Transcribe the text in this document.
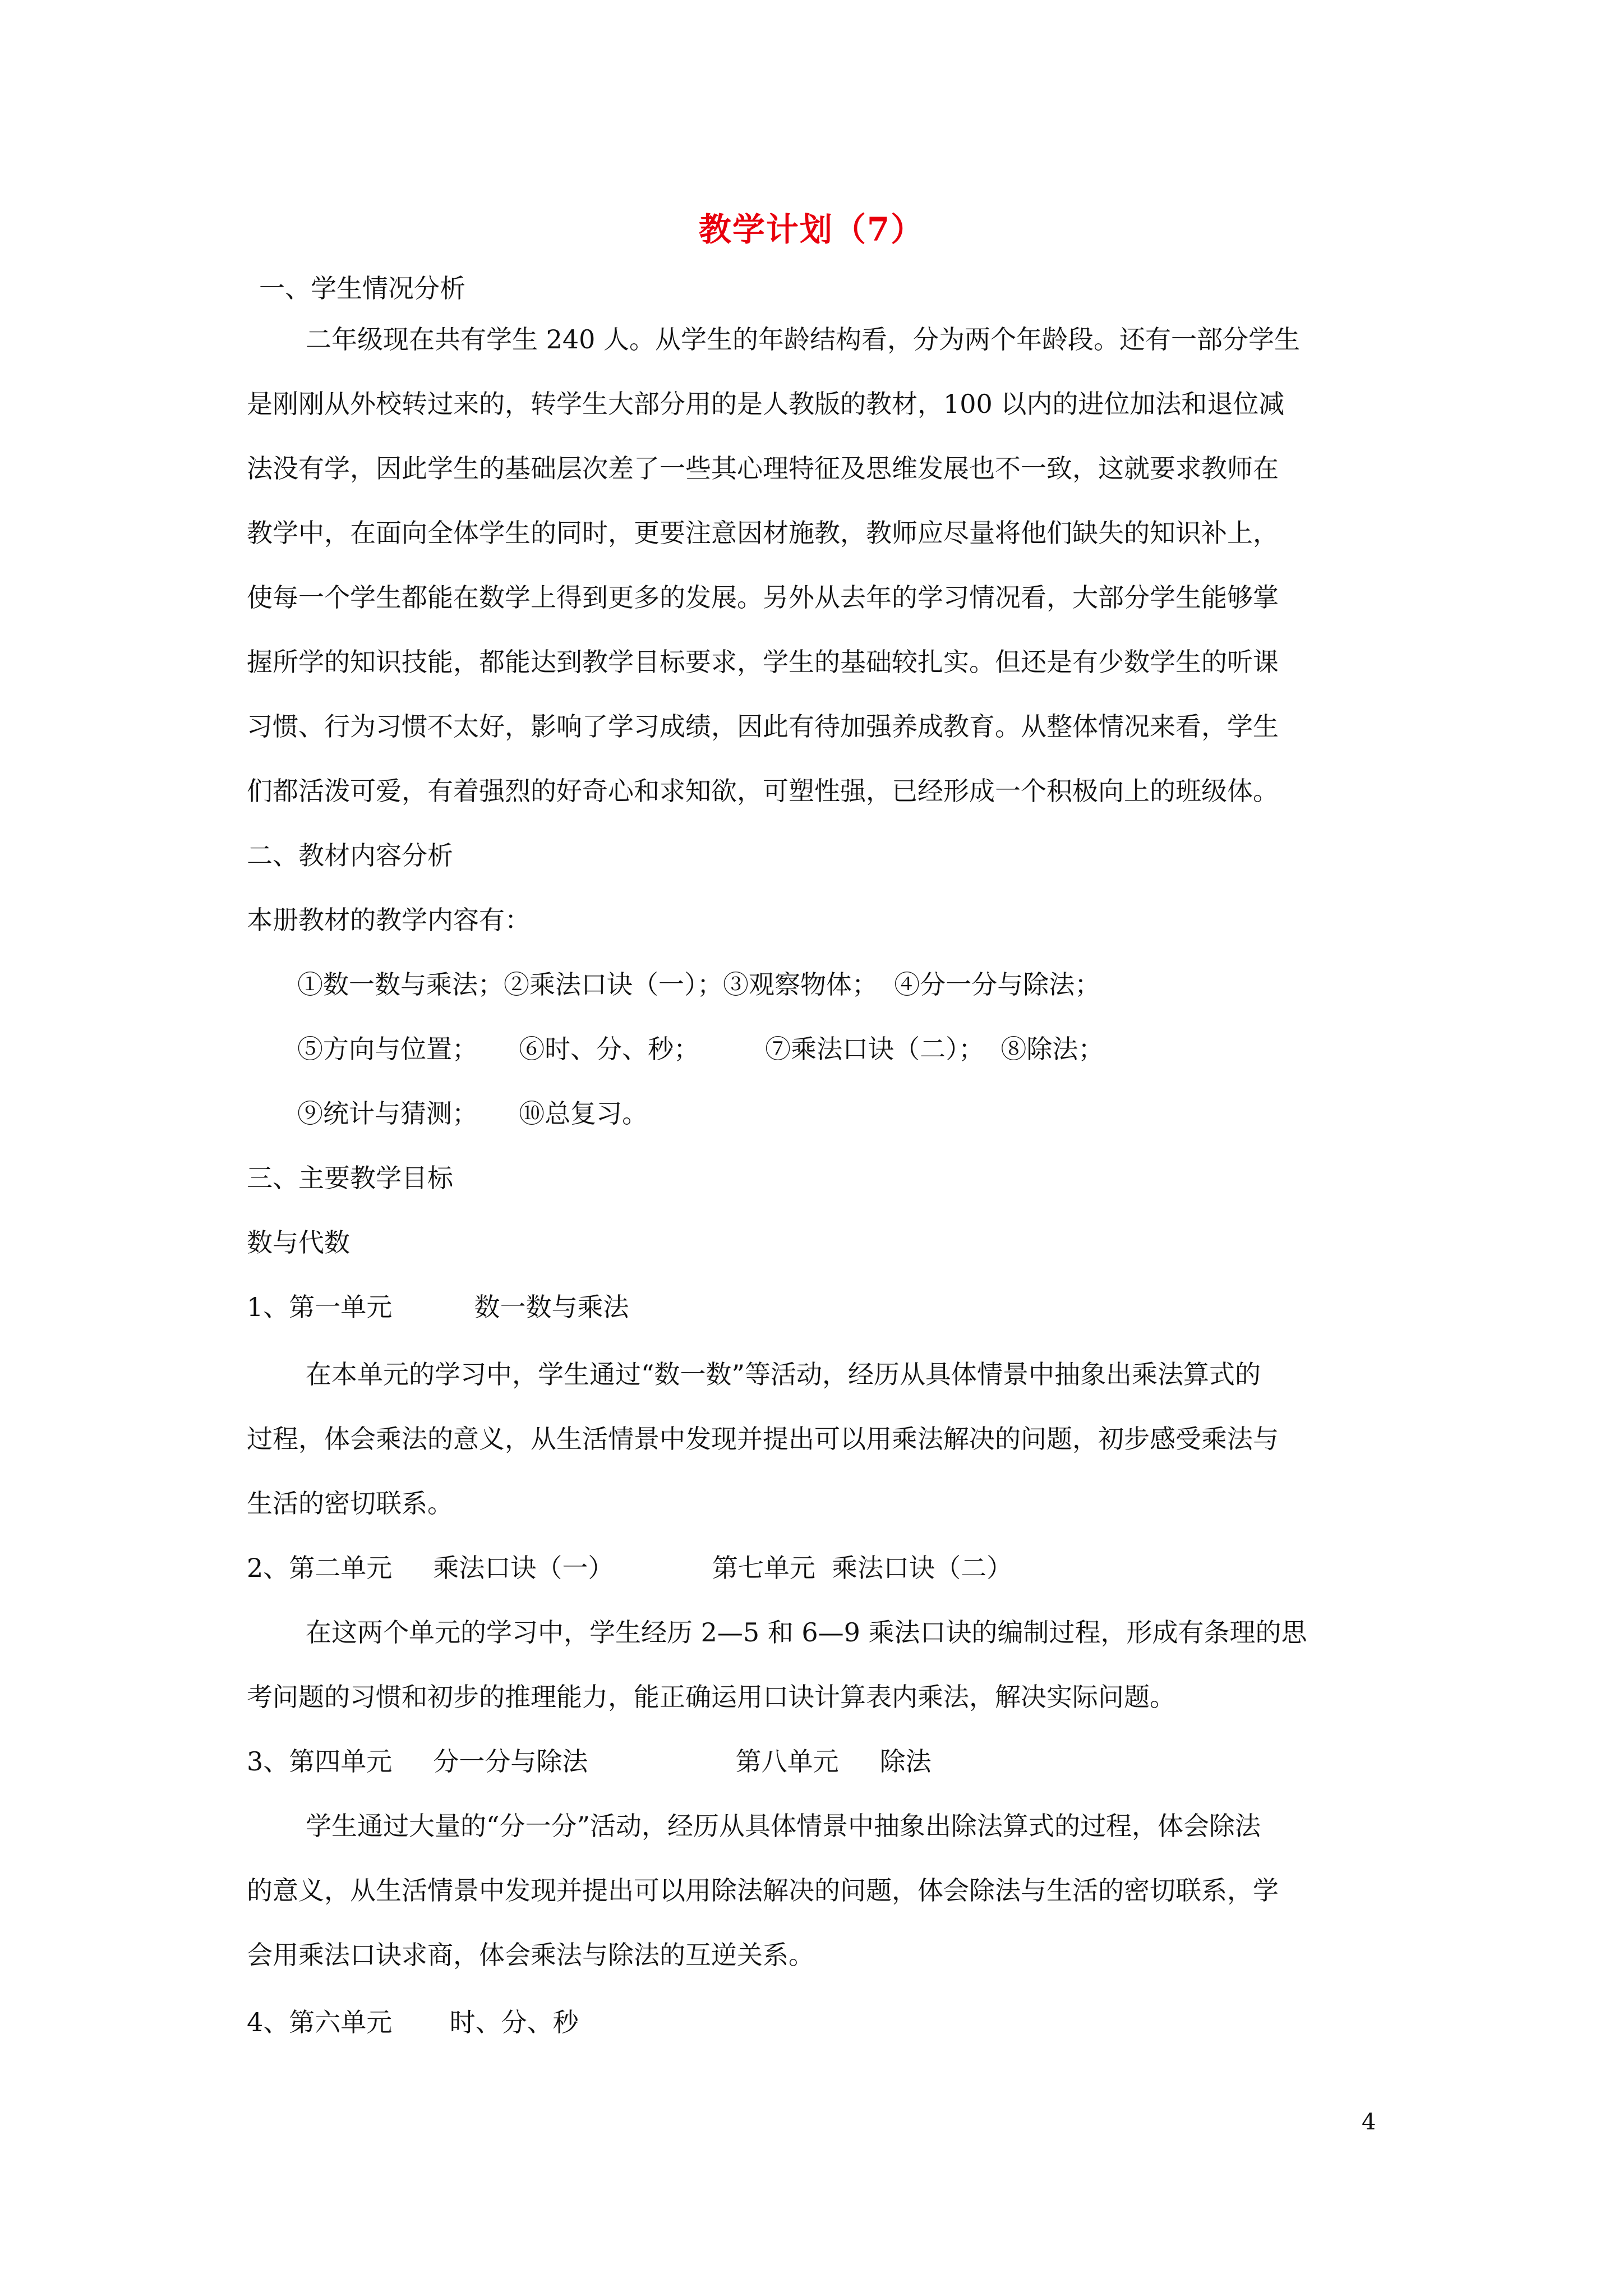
教学计划（7）
一、学生情况分析
二年级现在共有学生 240 人。从学生的年龄结构看，分为两个年龄段。还有一部分学生
是刚刚从外校转过来的，转学生大部分用的是人教版的教材，100 以内的进位加法和退位减
法没有学，因此学生的基础层次差了一些其心理特征及思维发展也不一致，这就要求教师在
教学中，在面向全体学生的同时，更要注意因材施教，教师应尽量将他们缺失的知识补上，
使每一个学生都能在数学上得到更多的发展。另外从去年的学习情况看，大部分学生能够掌
握所学的知识技能，都能达到教学目标要求，学生的基础较扎实。但还是有少数学生的听课
习惯、行为习惯不太好，影响了学习成绩，因此有待加强养成教育。从整体情况来看，学生
们都活泼可爱，有着强烈的好奇心和求知欲，可塑性强，已经形成一个积极向上的班级体。
二、教材内容分析
本册教材的教学内容有：
①数一数与乘法；②乘法口诀（一）；③观察物体；  ④分一分与除法；
⑤方向与位置；     ⑥时、分、秒；        ⑦乘法口诀（二）；  ⑧除法；
⑨统计与猜测；     ⑩总复习。
三、主要教学目标
数与代数
1、第一单元          数一数与乘法
在本单元的学习中，学生通过“数一数”等活动，经历从具体情景中抽象出乘法算式的
过程，体会乘法的意义，从生活情景中发现并提出可以用乘法解决的问题，初步感受乘法与
生活的密切联系。
2、第二单元     乘法口诀（一）            第七单元  乘法口诀（二）
在这两个单元的学习中，学生经历 2—5 和 6—9 乘法口诀的编制过程，形成有条理的思
考问题的习惯和初步的推理能力，能正确运用口诀计算表内乘法，解决实际问题。
3、第四单元     分一分与除法                  第八单元     除法
学生通过大量的“分一分”活动，经历从具体情景中抽象出除法算式的过程，体会除法
的意义，从生活情景中发现并提出可以用除法解决的问题，体会除法与生活的密切联系，学
会用乘法口诀求商，体会乘法与除法的互逆关系。
4、第六单元       时、分、秒
4
